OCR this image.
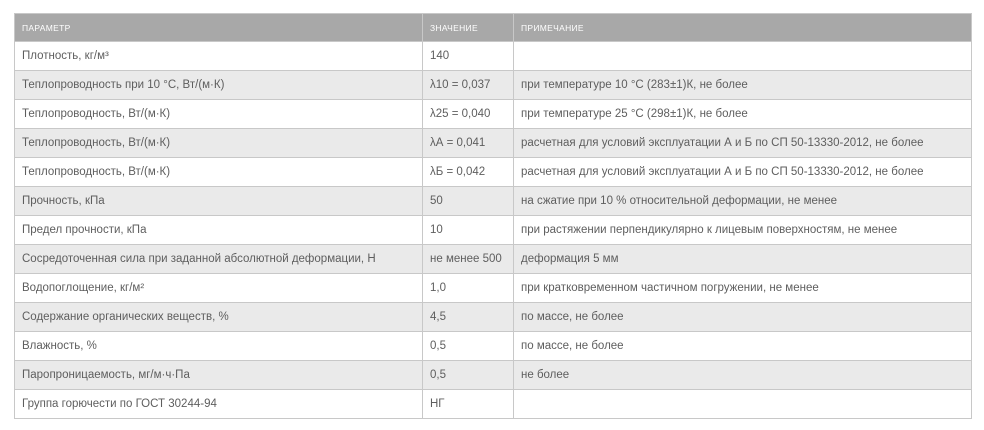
ПАРАМЕТР	ЗНАЧЕНИЕ	ПРИМЕЧАНИЕ
Плотность, кг/м³	140	
Теплопроводность при 10 °С, Вт/(м·К)	λ10 = 0,037	при температуре 10 °С (283±1)К, не более
Теплопроводность, Вт/(м·К)	λ25 = 0,040	при температуре 25 °С (298±1)К, не более
Теплопроводность, Вт/(м·К)	λА = 0,041	расчетная для условий эксплуатации А и Б по СП 50-13330-2012, не более
Теплопроводность, Вт/(м·К)	λБ = 0,042	расчетная для условий эксплуатации А и Б по СП 50-13330-2012, не более
Прочность, кПа	50	на сжатие при 10 % относительной деформации, не менее
Предел прочности, кПа	10	при растяжении перпендикулярно к лицевым поверхностям, не менее
Сосредоточенная сила при заданной абсолютной деформации, Н	не менее 500	деформация 5 мм
Водопоглощение, кг/м²	1,0	при кратковременном частичном погружении, не менее
Содержание органических веществ, %	4,5	по массе, не более
Влажность, %	0,5	по массе, не более
Паропроницаемость, мг/м·ч·Па	0,5	не более
Группа горючести по ГОСТ 30244-94	НГ	
